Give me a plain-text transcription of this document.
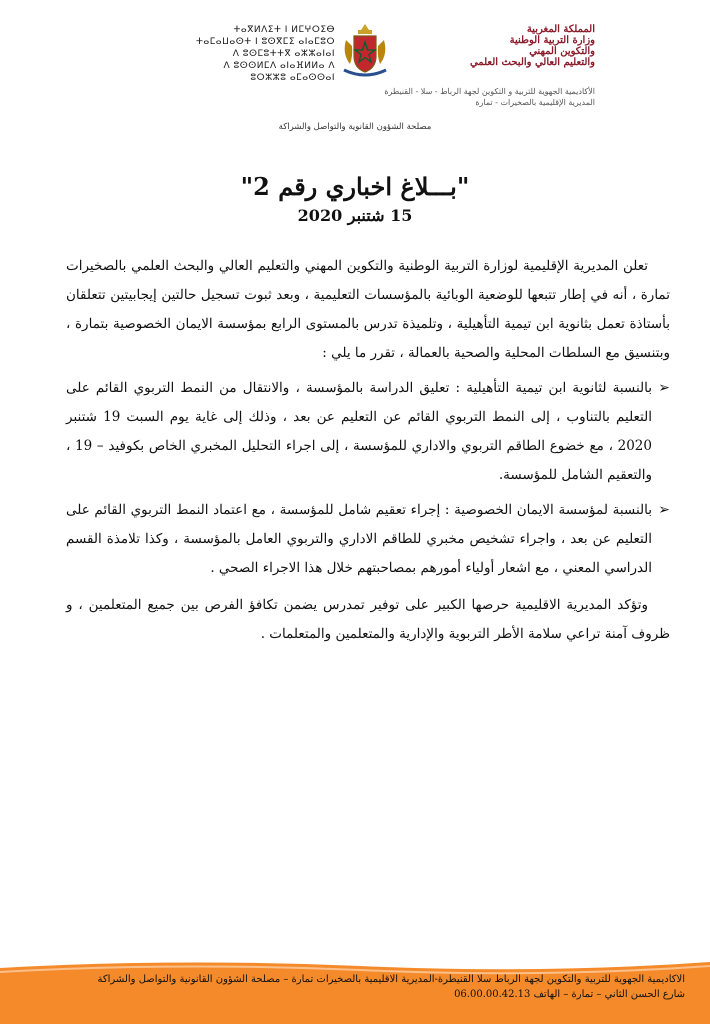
ⵜⴰⴳⵍⴷⵉⵜ ⵏ ⵍⵎⵖⵔⵉⴱ
ⵜⴰⵎⴰⵡⴰⵙⵜ ⵏ ⵓⵙⴳⵎⵉ ⴰⵏⴰⵎⵓⵔ
ⴷ ⵓⵙⵎⵓⵜⵜⴳ ⴰⵣⵣⴰⵏⴰⵏ
ⴷ ⵓⵙⵙⵍⵎⴷ ⴰⵏⴰⴼⵍⵍⴰ ⴷ ⵓⵔⵣⵣⵓ ⴰⵎⴰⵙⵙⴰⵏ
المملكة المغربية
وزارة التربية الوطنية
والتكوين المهني
والتعليم العالي والبحث العلمي
الأكاديمية الجهوية للتربية و التكوين لجهة الرباط - سلا - القنيطرة
المديرية الإقليمية بالصخيرات - تمارة
مصلحة الشؤون القانوية والتواصل والشراكة
"بـــلاغ اخباري رقم 2"
15 شتنبر 2020

تعلن المديرية الإقليمية لوزارة التربية الوطنية والتكوين المهني والتعليم العالي والبحث العلمي بالصخيرات تمارة ، أنه في إطار تتبعها للوضعية الوبائية بالمؤسسات التعليمية ، وبعد ثبوت تسجيل حالتين إيجابيتين تتعلقان بأستاذة تعمل بثانوية ابن تيمية التأهيلية ، وتلميذة تدرس بالمستوى الرابع بمؤسسة الايمان الخصوصية بتمارة ، وبتنسيق مع السلطات المحلية والصحية بالعمالة ، تقرر ما يلي :

➢
بالنسبة لثانوية ابن تيمية التأهيلية : تعليق الدراسة بالمؤسسة ، والانتقال من النمط التربوي القائم على التعليم بالتناوب ، إلى النمط التربوي القائم عن التعليم عن بعد ، وذلك إلى غاية يوم السبت 19 شتنبر 2020 ، مع خضوع الطاقم التربوي والاداري للمؤسسة ، إلى اجراء التحليل المخبري الخاص بكوفيد – 19 ، والتعقيم الشامل للمؤسسة.
➢
بالنسبة لمؤسسة الايمان الخصوصية : إجراء تعقيم شامل للمؤسسة ، مع اعتماد النمط التربوي القائم على التعليم عن بعد ، واجراء تشخيص مخبري للطاقم الاداري والتربوي العامل بالمؤسسة ، وكذا تلامذة القسم الدراسي المعني ، مع اشعار أولياء أمورهم بمصاحبتهم خلال هذا الاجراء الصحي .

وتؤكد المديرية الاقليمية حرصها الكبير على توفير تمدرس يضمن تكافؤ الفرص بين جميع المتعلمين ، و ظروف آمنة تراعي سلامة الأطر التربوية والإدارية والمتعلمين والمتعلمات .

الاكاديمية الجهوية للتربية والتكوين لجهة الرباط سلا القنيطرة-المديرية الاقليمية بالصخيرات تمارة – مصلحة الشؤون القانونية والتواصل والشراكة
شارع الحسن الثاني – تمارة – الهاتف 06.00.00.42.13
